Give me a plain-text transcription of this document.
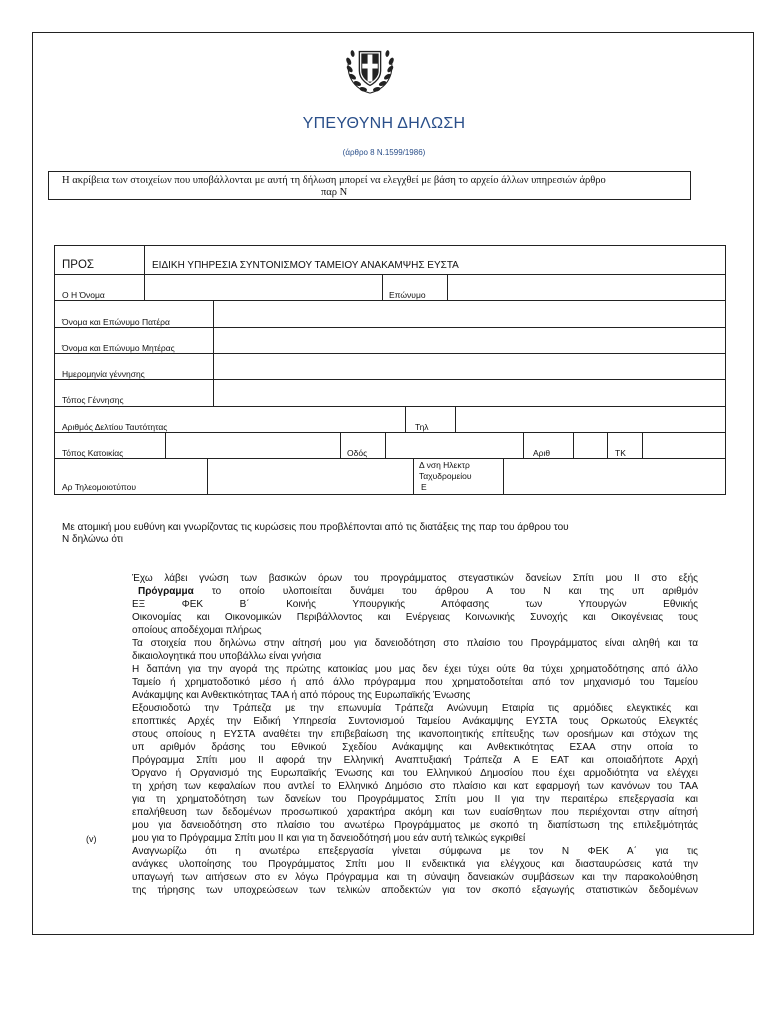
ΥΠΕΥΘΥΝΗ ΔΗΛΩΣΗ
(άρθρο 8 Ν.1599/1986)
Η ακρίβεια των στοιχείων που υποβάλλονται με αυτή τη δήλωση μπορεί να ελεγχθεί με βάση το αρχείο άλλων υπηρεσιών άρθρο
παρ Ν
ΠΡΟΣ	ΕΙΔΙΚΗ ΥΠΗΡΕΣΙΑ ΣΥΝΤΟΝΙΣΜΟΥ ΤΑΜΕΙΟΥ ΑΝΑΚΑΜΨΗΣ ΕΥΣΤΑ
Ο Η Όνομα	Επώνυμο
Όνομα και Επώνυμο Πατέρα
Όνομα και Επώνυμο Μητέρας
Ημερομηνία γέννησης
Τόπος Γέννησης
Αριθμός Δελτίου Ταυτότητας	Τηλ
Τόπος Κατοικίας	Οδός	Αριθ	ΤΚ
Αρ Τηλεομοιοτύπου
Δ νση Ηλεκτρ
Ταχυδρομείου
Ε
Με ατομική μου ευθύνη και γνωρίζοντας τις κυρώσεις που προβλέπονται από τις διατάξεις της παρ του άρθρου του
Ν δηλώνω ότι
(v)
Έχω λάβει γνώση των βασικών όρων του προγράμματος στεγαστικών δανείων Σπίτι μου ΙΙ στο εξής
Πρόγραμμα το οποίο υλοποιείται δυνάμει του άρθρου Α του Ν και της υπ αριθμόν
ΕΞ ΦΕΚ Β΄ Κοινής Υπουργικής Απόφασης των Υπουργών Εθνικής
Οικονομίας και Οικονομικών Περιβάλλοντος και Ενέργειας Κοινωνικής Συνοχής και Οικογένειας τους
οποίους αποδέχομαι πλήρως
Τα στοιχεία που δηλώνω στην αίτησή μου για δανειοδότηση στο πλαίσιο του Προγράμματος είναι αληθή και τα
δικαιολογητικά που υποβάλλω είναι γνήσια
Η δαπάνη για την αγορά της πρώτης κατοικίας μου μας δεν έχει τύχει ούτε θα τύχει χρηματοδότησης από άλλο
Ταμείο ή χρηματοδοτικό μέσο ή από άλλο πρόγραμμα που χρηματοδοτείται από τον μηχανισμό του Ταμείου
Ανάκαμψης και Ανθεκτικότητας ΤΑΑ ή από πόρους της Ευρωπαϊκής Ένωσης
Εξουσιοδοτώ την Τράπεζα με την επωνυμία Τράπεζα Ανώνυμη Εταιρία τις αρμόδιες ελεγκτικές και
εποπτικές Αρχές την Ειδική Υπηρεσία Συντονισμού Ταμείου Ανάκαμψης ΕΥΣΤΑ τους Ορκωτούς Ελεγκτές
στους οποίους η ΕΥΣΤΑ αναθέτει την επιβεβαίωση της ικανοποιητικής επίτευξης των ορosήμων και στόχων της
υπ αριθμόν δράσης του Εθνικού Σχεδίου Ανάκαμψης και Ανθεκτικότητας ΕΣΑΑ στην οποία το
Πρόγραμμα Σπίτι μου ΙΙ αφορά την Ελληνική Αναπτυξιακή Τράπεζα Α Ε ΕΑΤ και οποιαδήποτε Αρχή
Όργανο ή Οργανισμό της Ευρωπαϊκής Ένωσης και του Ελληνικού Δημοσίου που έχει αρμοδιότητα να ελέγχει
τη χρήση των κεφαλαίων που αντλεί το Ελληνικό Δημόσιο στο πλαίσιο και κατ εφαρμογή των κανόνων του ΤΑΑ
για τη χρηματοδότηση των δανείων του Προγράμματος Σπίτι μου ΙΙ για την περαιτέρω επεξεργασία και
επαλήθευση των δεδομένων προσωπικού χαρακτήρα ακόμη και των ευαίσθητων που περιέχονται στην αίτησή
μου για δανειοδότηση στο πλαίσιο του ανωτέρω Προγράμματος με σκοπό τη διαπίστωση της επιλεξιμότητάς
μου για το Πρόγραμμα Σπίτι μου ΙΙ και για τη δανειοδότησή μου εάν αυτή τελικώς εγκριθεί
Αναγνωρίζω ότι η ανωτέρω επεξεργασία γίνεται σύμφωνα με τον Ν ΦΕΚ Α΄ για τις
ανάγκες υλοποίησης του Προγράμματος Σπίτι μου ΙΙ ενδεικτικά για ελέγχους και διασταυρώσεις κατά την
υπαγωγή των αιτήσεων στο εν λόγω Πρόγραμμα και τη σύναψη δανειακών συμβάσεων και την παρακολούθηση
της τήρησης των υποχρεώσεων των τελικών αποδεκτών για τον σκοπό εξαγωγής στατιστικών δεδομένων
